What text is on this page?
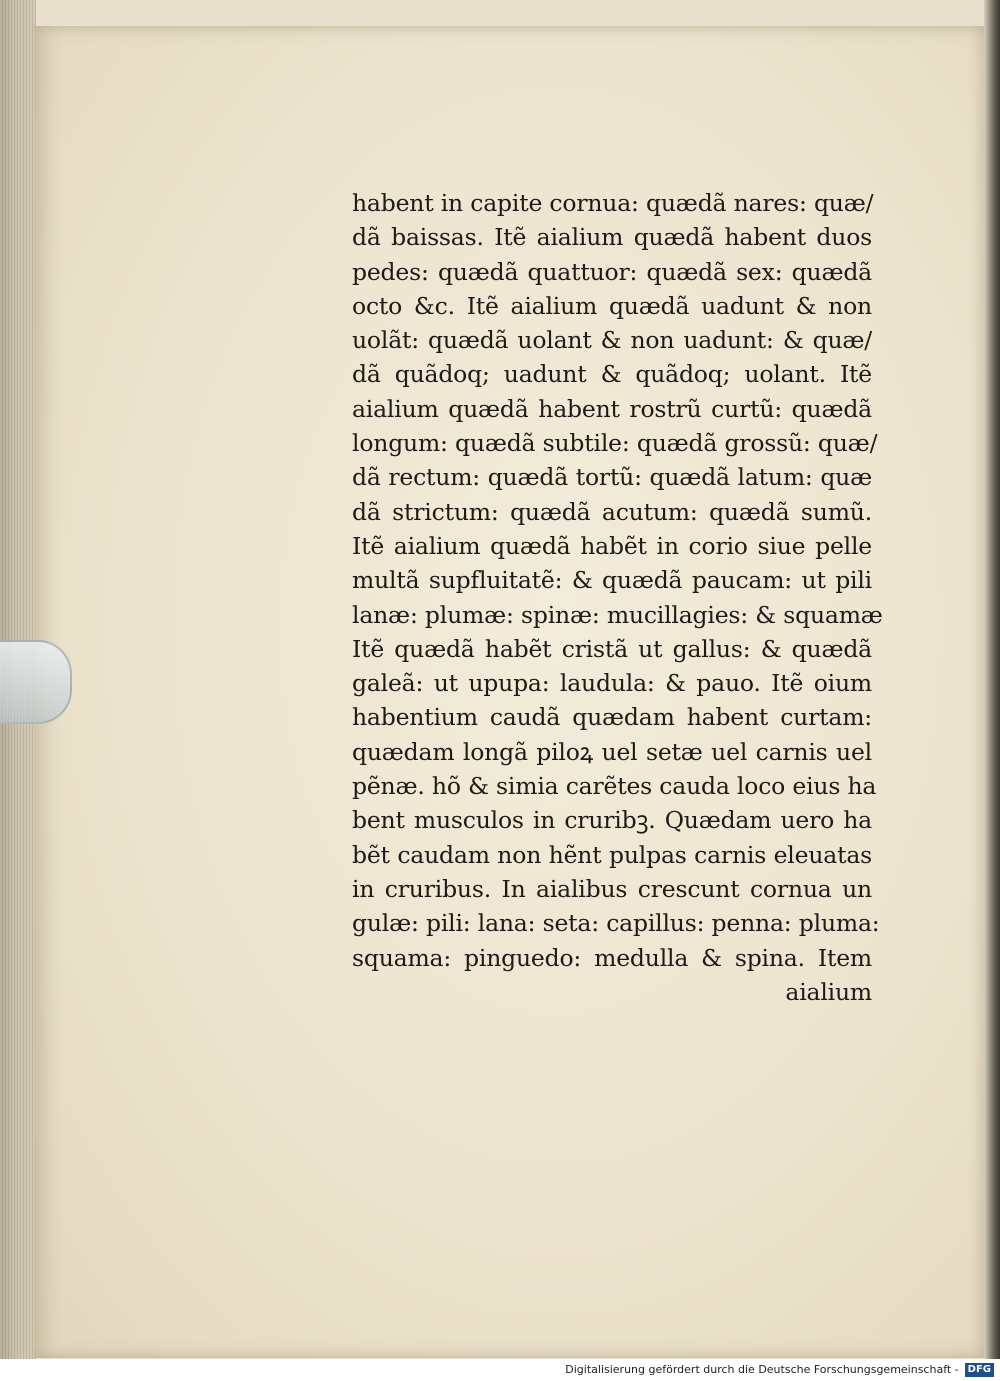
habent in capite cornua: quædã nares: quæ/
dã baissas. Itẽ aialium quædã habent duos
pedes: quædã quattuor: quædã sex: quædã
octo &c. Itẽ aialium quædã uadunt & non
uolãt: quædã uolant & non uadunt: & quæ/
dã quãdoq; uadunt & quãdoq; uolant. Itẽ
aialium quædã habent rostrũ curtũ: quædã
longum: quædã subtile: quædã grossũ: quæ/
dã rectum: quædã tortũ: quædã latum: quæ
dã strictum: quædã acutum: quædã sumũ.
Itẽ aialium quædã habẽt in corio siue pelle
multã supfluitatẽ: & quædã paucam: ut pili
lanæ: plumæ: spinæ: mucillagies: & squamæ
Itẽ quædã habẽt cristã ut gallus: & quædã
galeã: ut upupa: laudula: & pauo. Itẽ oium
habentium caudã quædam habent curtam:
quædam longã piloꝝ uel setæ uel carnis uel
pẽnæ. hõ & simia carẽtes cauda loco eius ha
bent musculos in cruribꝫ. Quædam uero ha
bẽt caudam non hẽnt pulpas carnis eleuatas
in cruribus. In aialibus crescunt cornua un
gulæ: pili: lana: seta: capillus: penna: pluma:
squama: pinguedo: medulla & spina. Item
aialium
Digitalisierung gefördert durch die Deutsche Forschungsgemeinschaft - DFG
